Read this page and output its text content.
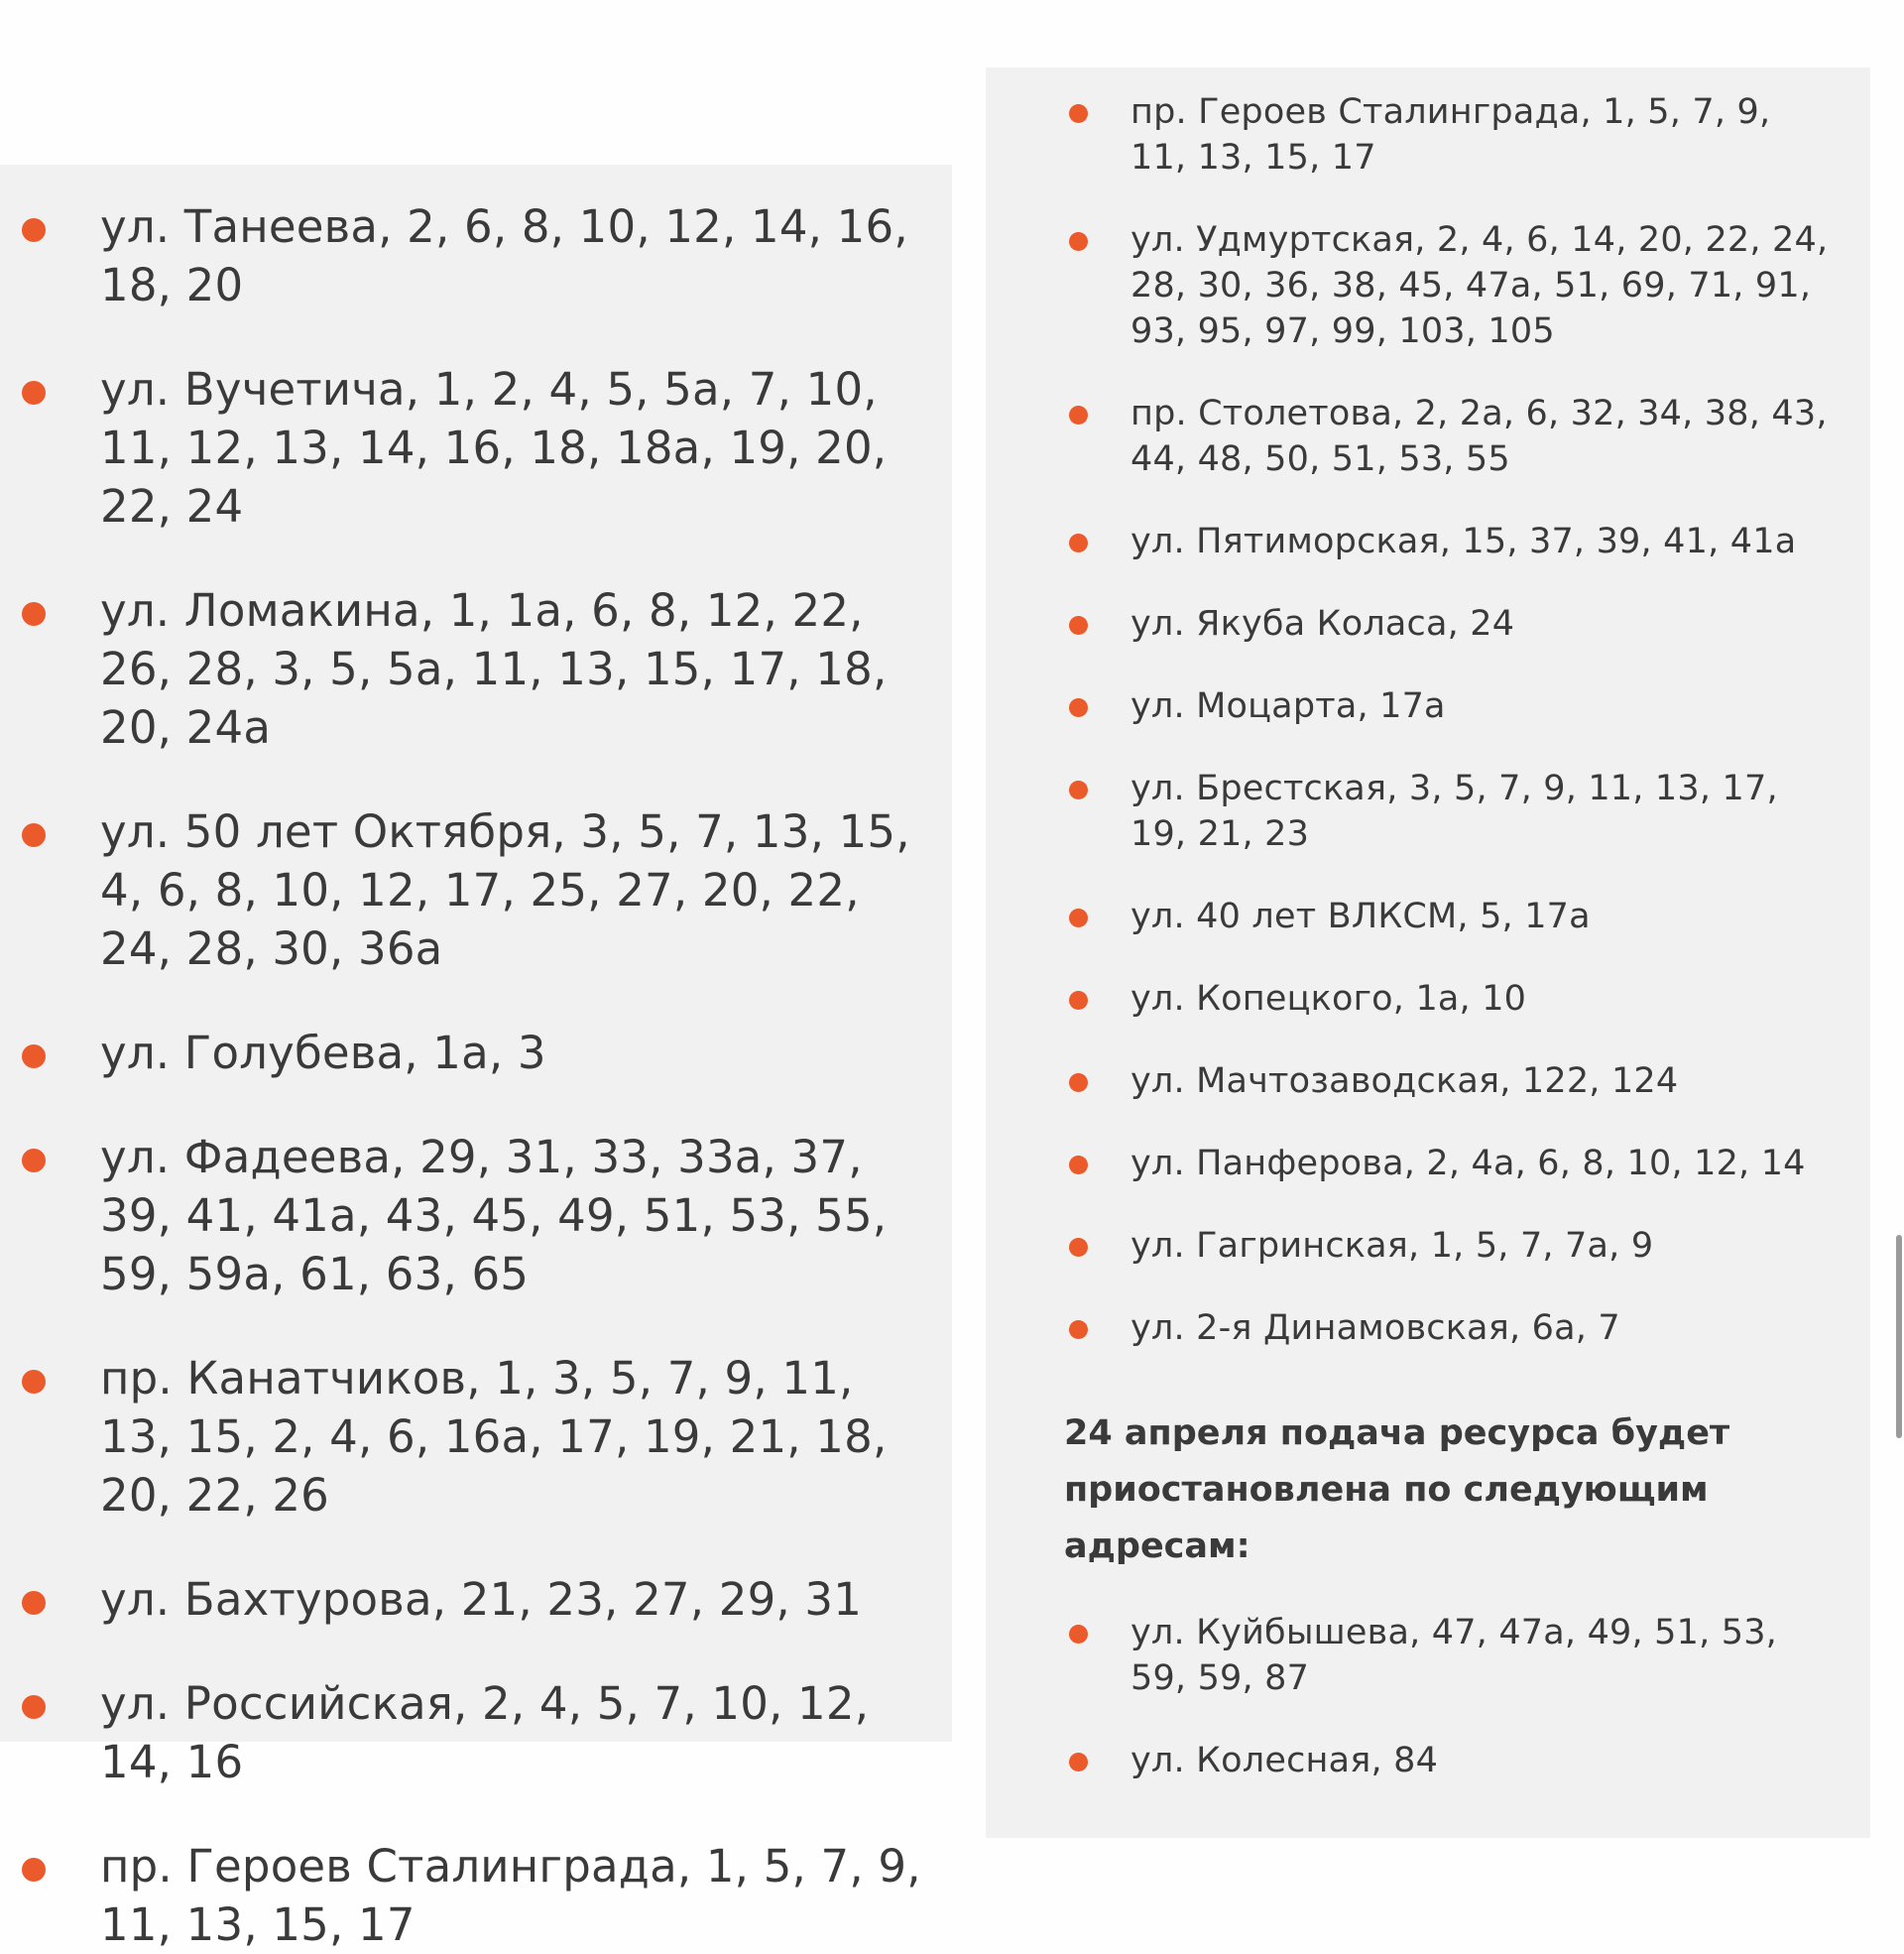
ул. Танеева, 2, 6, 8, 10, 12, 14, 16, 18, 20
ул. Вучетича, 1, 2, 4, 5, 5а, 7, 10, 11, 12, 13, 14, 16, 18, 18а, 19, 20, 22, 24
ул. Ломакина, 1, 1а, 6, 8, 12, 22, 26, 28, 3, 5, 5а, 11, 13, 15, 17, 18, 20, 24а
ул. 50 лет Октября, 3, 5, 7, 13, 15, 4, 6, 8, 10, 12, 17, 25, 27, 20, 22, 24, 28, 30, 36а
ул. Голубева, 1а, 3
ул. Фадеева, 29, 31, 33, 33а, 37, 39, 41, 41а, 43, 45, 49, 51, 53, 55, 59, 59а, 61, 63, 65
пр. Канатчиков, 1, 3, 5, 7, 9, 11, 13, 15, 2, 4, 6, 16а, 17, 19, 21, 18, 20, 22, 26
ул. Бахтурова, 21, 23, 27, 29, 31
ул. Российская, 2, 4, 5, 7, 10, 12, 14, 16
пр. Героев Сталинграда, 1, 5, 7, 9, 11, 13, 15, 17
пр. Героев Сталинграда, 1, 5, 7, 9, 11, 13, 15, 17
ул. Удмуртская, 2, 4, 6, 14, 20, 22, 24, 28, 30, 36, 38, 45, 47а, 51, 69, 71, 91, 93, 95, 97, 99, 103, 105
пр. Столетова, 2, 2а, 6, 32, 34, 38, 43, 44, 48, 50, 51, 53, 55
ул. Пятиморская, 15, 37, 39, 41, 41а
ул. Якуба Коласа, 24
ул. Моцарта, 17а
ул. Брестская, 3, 5, 7, 9, 11, 13, 17, 19, 21, 23
ул. 40 лет ВЛКСМ, 5, 17а
ул. Копецкого, 1а, 10
ул. Мачтозаводская, 122, 124
ул. Панферова, 2, 4а, 6, 8, 10, 12, 14
ул. Гагринская, 1, 5, 7, 7а, 9
ул. 2-я Динамовская, 6а, 7
24 апреля подача ресурса будет приостановлена по следующим адресам:
ул. Куйбышева, 47, 47а, 49, 51, 53, 59, 59, 87
ул. Колесная, 84
